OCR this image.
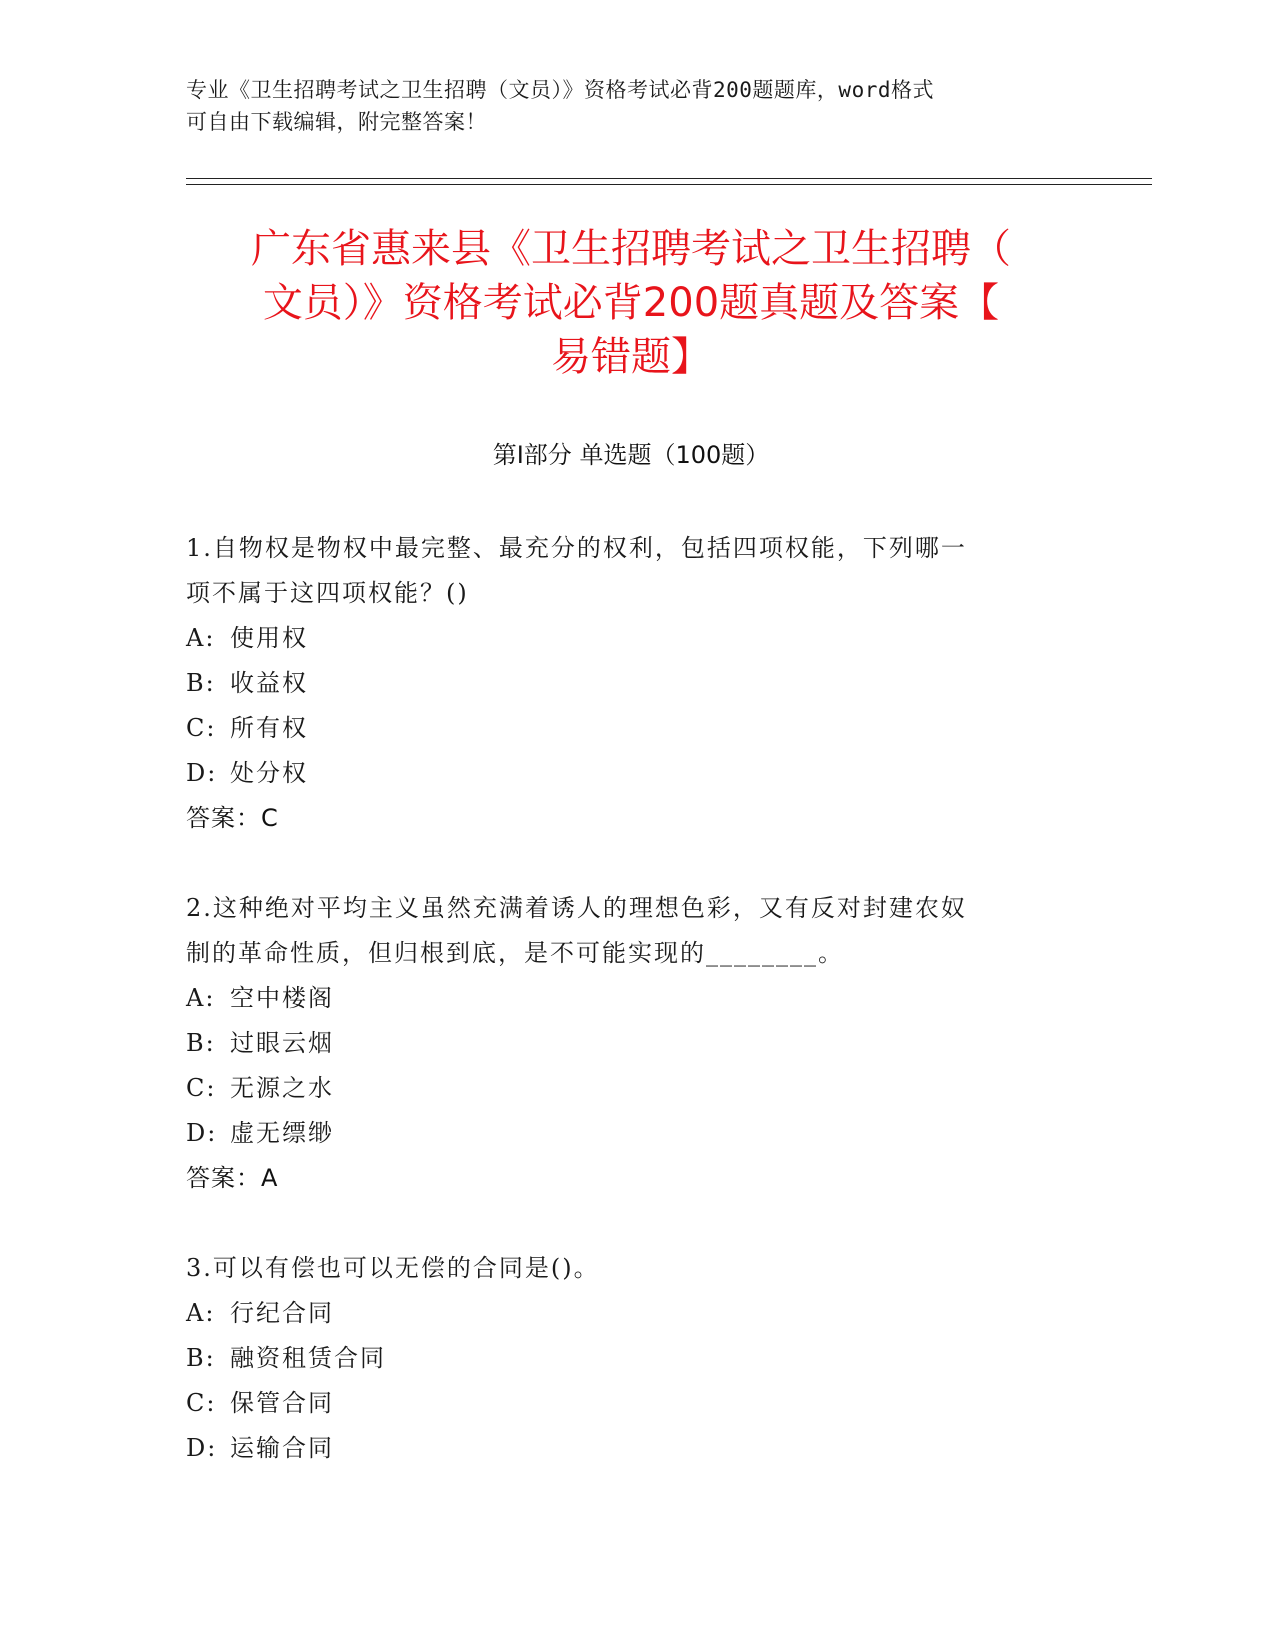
专业《卫生招聘考试之卫生招聘（文员）》资格考试必背200题题库，word格式
可自由下载编辑，附完整答案！
广东省惠来县《卫生招聘考试之卫生招聘（
文员）》资格考试必背200题真题及答案【
易错题】
第Ⅰ部分 单选题（100题）
1.自物权是物权中最完整、最充分的权利，包括四项权能，下列哪一
项不属于这四项权能？()
A: 使用权
B: 收益权
C: 所有权
D: 处分权
答案：C
2.这种绝对平均主义虽然充满着诱人的理想色彩，又有反对封建农奴
制的革命性质，但归根到底，是不可能实现的________。
A: 空中楼阁
B: 过眼云烟
C: 无源之水
D: 虚无缥缈
答案：A
3.可以有偿也可以无偿的合同是()。
A: 行纪合同
B: 融资租赁合同
C: 保管合同
D: 运输合同
